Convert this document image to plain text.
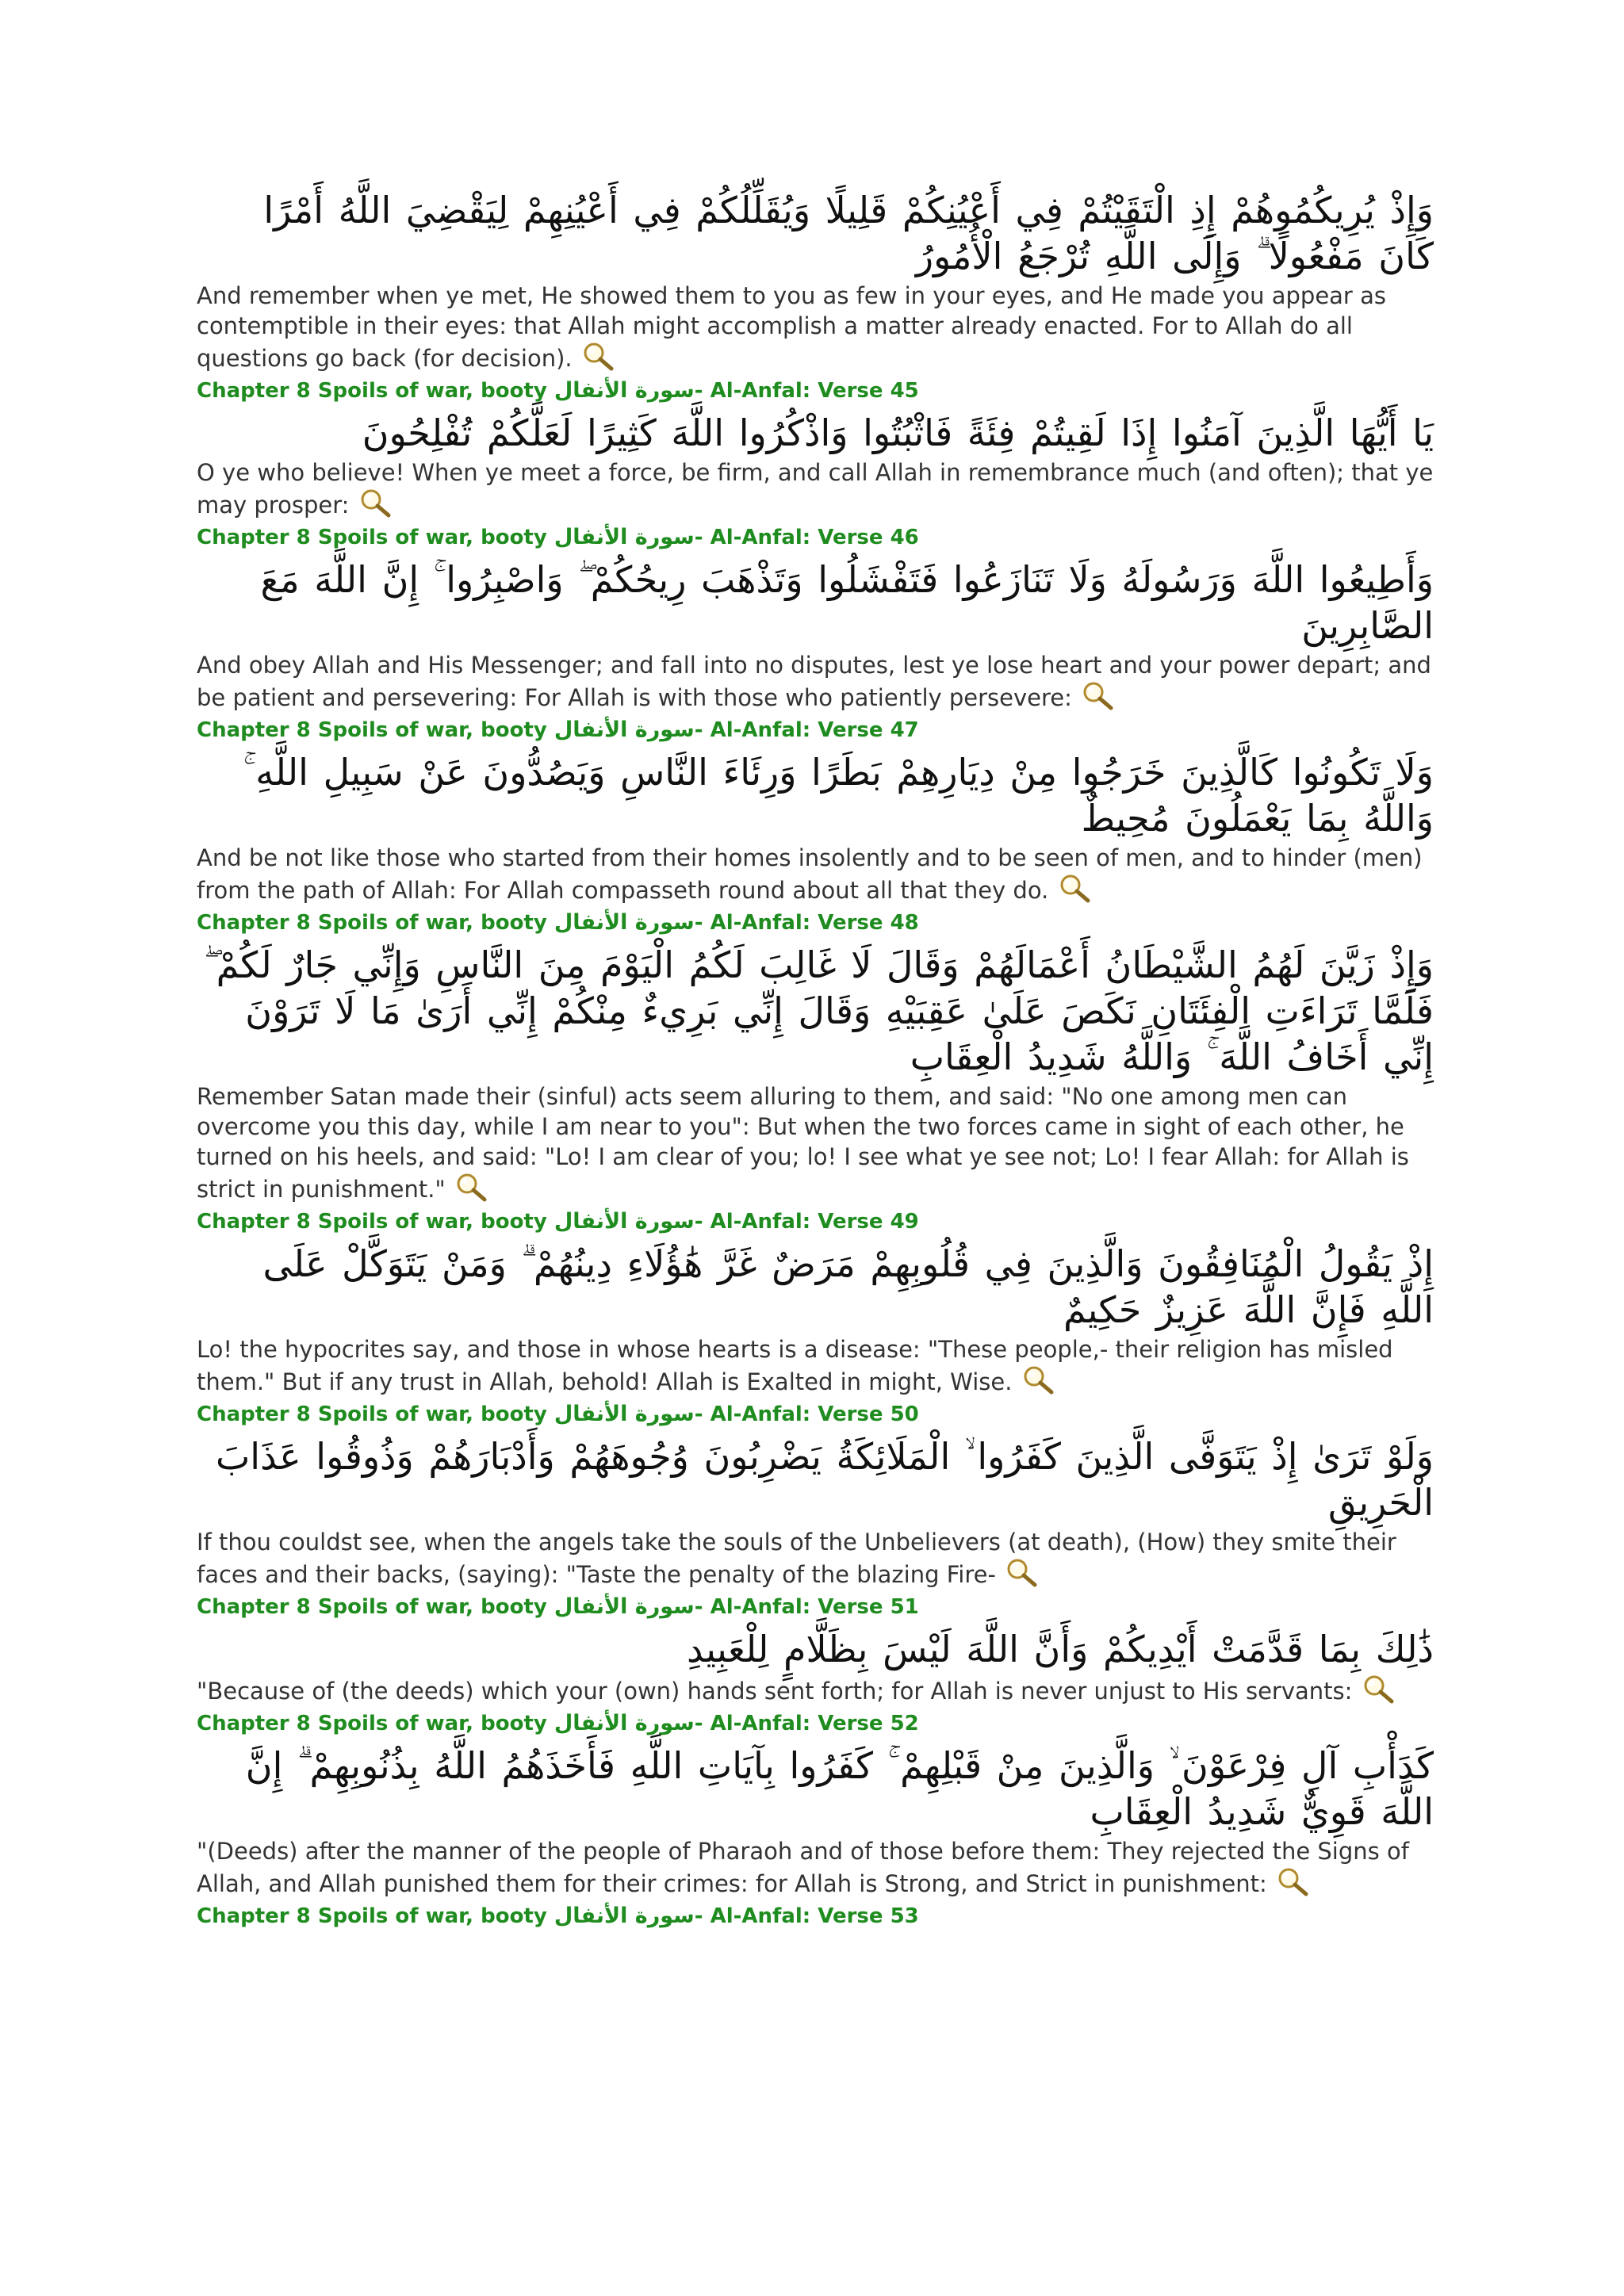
وَإِذْ يُرِيكُمُوهُمْ إِذِ الْتَقَيْتُمْ فِي أَعْيُنِكُمْ قَلِيلًا وَيُقَلِّلُكُمْ فِي أَعْيُنِهِمْ لِيَقْضِيَ اللَّهُ أَمْرًا كَانَ مَفْعُولًا ۗ وَإِلَى اللَّهِ تُرْجَعُ الْأُمُورُ

And remember when ye met, He showed them to you as few in your eyes, and He made you appear as contemptible in their eyes: that Allah might accomplish a matter already enacted. For to Allah do all questions go back (for decision).

Chapter 8 Spoils of war, booty سورة الأنفال- Al-Anfal: Verse 45

يَا أَيُّهَا الَّذِينَ آمَنُوا إِذَا لَقِيتُمْ فِئَةً فَاثْبُتُوا وَاذْكُرُوا اللَّهَ كَثِيرًا لَعَلَّكُمْ تُفْلِحُونَ

O ye who believe! When ye meet a force, be firm, and call Allah in remembrance much (and often); that ye may prosper:

Chapter 8 Spoils of war, booty سورة الأنفال- Al-Anfal: Verse 46

وَأَطِيعُوا اللَّهَ وَرَسُولَهُ وَلَا تَنَازَعُوا فَتَفْشَلُوا وَتَذْهَبَ رِيحُكُمْ ۖ وَاصْبِرُوا ۚ إِنَّ اللَّهَ مَعَ الصَّابِرِينَ

And obey Allah and His Messenger; and fall into no disputes, lest ye lose heart and your power depart; and be patient and persevering: For Allah is with those who patiently persevere:

Chapter 8 Spoils of war, booty سورة الأنفال- Al-Anfal: Verse 47

وَلَا تَكُونُوا كَالَّذِينَ خَرَجُوا مِنْ دِيَارِهِمْ بَطَرًا وَرِئَاءَ النَّاسِ وَيَصُدُّونَ عَنْ سَبِيلِ اللَّهِ ۚ وَاللَّهُ بِمَا يَعْمَلُونَ مُحِيطٌ

And be not like those who started from their homes insolently and to be seen of men, and to hinder (men) from the path of Allah: For Allah compasseth round about all that they do.

Chapter 8 Spoils of war, booty سورة الأنفال- Al-Anfal: Verse 48

وَإِذْ زَيَّنَ لَهُمُ الشَّيْطَانُ أَعْمَالَهُمْ وَقَالَ لَا غَالِبَ لَكُمُ الْيَوْمَ مِنَ النَّاسِ وَإِنِّي جَارٌ لَكُمْ ۖ فَلَمَّا تَرَاءَتِ الْفِئَتَانِ نَكَصَ عَلَىٰ عَقِبَيْهِ وَقَالَ إِنِّي بَرِيءٌ مِنْكُمْ إِنِّي أَرَىٰ مَا لَا تَرَوْنَ إِنِّي أَخَافُ اللَّهَ ۚ وَاللَّهُ شَدِيدُ الْعِقَابِ

Remember Satan made their (sinful) acts seem alluring to them, and said: "No one among men can overcome you this day, while I am near to you": But when the two forces came in sight of each other, he turned on his heels, and said: "Lo! I am clear of you; lo! I see what ye see not; Lo! I fear Allah: for Allah is strict in punishment."

Chapter 8 Spoils of war, booty سورة الأنفال- Al-Anfal: Verse 49

إِذْ يَقُولُ الْمُنَافِقُونَ وَالَّذِينَ فِي قُلُوبِهِمْ مَرَضٌ غَرَّ هَٰؤُلَاءِ دِينُهُمْ ۗ وَمَنْ يَتَوَكَّلْ عَلَى اللَّهِ فَإِنَّ اللَّهَ عَزِيزٌ حَكِيمٌ

Lo! the hypocrites say, and those in whose hearts is a disease: "These people,- their religion has misled them." But if any trust in Allah, behold! Allah is Exalted in might, Wise.

Chapter 8 Spoils of war, booty سورة الأنفال- Al-Anfal: Verse 50

وَلَوْ تَرَىٰ إِذْ يَتَوَفَّى الَّذِينَ كَفَرُوا ۙ الْمَلَائِكَةُ يَضْرِبُونَ وُجُوهَهُمْ وَأَدْبَارَهُمْ وَذُوقُوا عَذَابَ الْحَرِيقِ

If thou couldst see, when the angels take the souls of the Unbelievers (at death), (How) they smite their faces and their backs, (saying): "Taste the penalty of the blazing Fire-

Chapter 8 Spoils of war, booty سورة الأنفال- Al-Anfal: Verse 51

ذَٰلِكَ بِمَا قَدَّمَتْ أَيْدِيكُمْ وَأَنَّ اللَّهَ لَيْسَ بِظَلَّامٍ لِلْعَبِيدِ

"Because of (the deeds) which your (own) hands sent forth; for Allah is never unjust to His servants:

Chapter 8 Spoils of war, booty سورة الأنفال- Al-Anfal: Verse 52

كَدَأْبِ آلِ فِرْعَوْنَ ۙ وَالَّذِينَ مِنْ قَبْلِهِمْ ۚ كَفَرُوا بِآيَاتِ اللَّهِ فَأَخَذَهُمُ اللَّهُ بِذُنُوبِهِمْ ۗ إِنَّ اللَّهَ قَوِيٌّ شَدِيدُ الْعِقَابِ

"(Deeds) after the manner of the people of Pharaoh and of those before them: They rejected the Signs of Allah, and Allah punished them for their crimes: for Allah is Strong, and Strict in punishment:

Chapter 8 Spoils of war, booty سورة الأنفال- Al-Anfal: Verse 53
